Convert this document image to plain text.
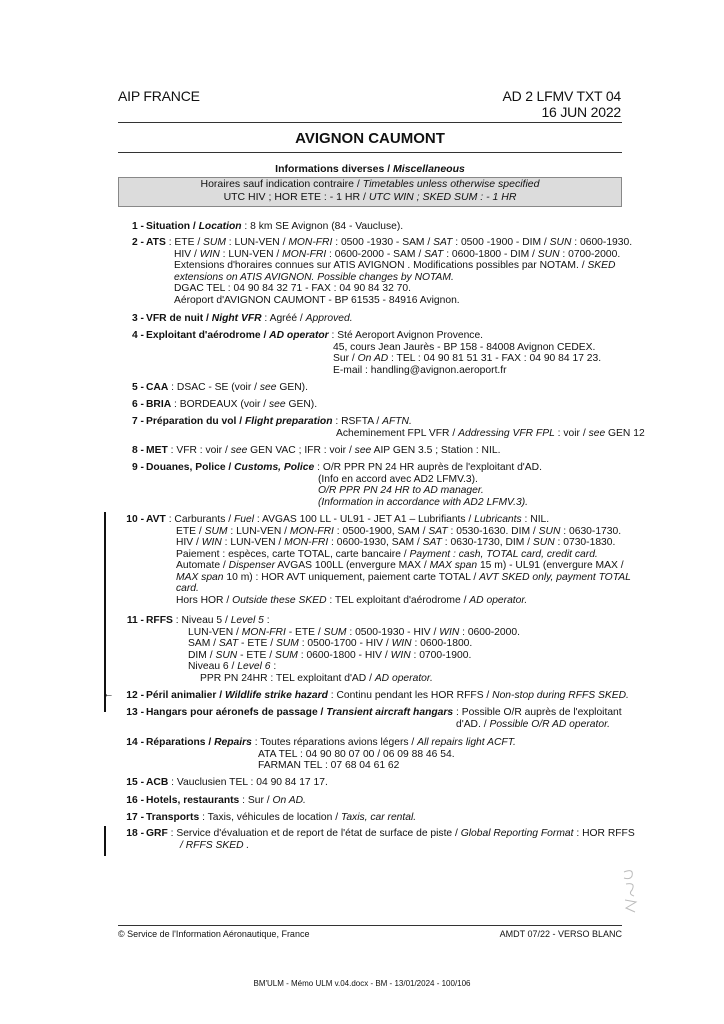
AIP FRANCE	AD 2 LFMV TXT 04
16 JUN 2022
AVIGNON CAUMONT
Informations diverses / Miscellaneous
Horaires sauf indication contraire / Timetables unless otherwise specified
UTC HIV ; HOR ETE : - 1 HR / UTC WIN ; SKED SUM : - 1 HR
1 - Situation / Location : 8 km SE Avignon (84 - Vaucluse).
2 - ATS : ETE / SUM : LUN-VEN / MON-FRI : 0500 -1930 - SAM / SAT : 0500 -1900 - DIM / SUN : 0600-1930.
HIV / WIN : LUN-VEN / MON-FRI : 0600-2000 - SAM / SAT : 0600-1800 - DIM / SUN : 0700-2000.
Extensions d'horaires connues sur ATIS AVIGNON . Modifications possibles par NOTAM. / SKED
extensions on ATIS AVIGNON. Possible changes by NOTAM.
DGAC TEL : 04 90 84 32 71 - FAX : 04 90 84 32 70.
Aéroport d'AVIGNON CAUMONT - BP 61535 - 84916 Avignon.
3 - VFR de nuit / Night VFR : Agréé / Approved.
4 - Exploitant d'aérodrome / AD operator : Sté Aeroport Avignon Provence.
45, cours Jean Jaurès - BP 158 - 84008 Avignon CEDEX.
Sur / On AD : TEL : 04 90 81 51 31 - FAX : 04 90 84 17 23.
E-mail : handling@avignon.aeroport.fr
5 - CAA : DSAC - SE (voir / see GEN).
6 - BRIA : BORDEAUX (voir / see GEN).
7 - Préparation du vol / Flight preparation : RSFTA / AFTN.
Acheminement FPL VFR / Addressing VFR FPL : voir / see GEN 12
8 - MET : VFR : voir / see GEN VAC ; IFR : voir / see AIP GEN 3.5 ; Station : NIL.
9 - Douanes, Police / Customs, Police : O/R PPR PN 24 HR auprès de l'exploitant d'AD.
(Info en accord avec AD2 LFMV.3).
O/R PPR PN 24 HR to AD manager.
(Information in accordance with AD2 LFMV.3).
10 - AVT : Carburants / Fuel : AVGAS 100 LL - UL91 - JET A1 – Lubrifiants / Lubricants : NIL.
ETE / SUM : LUN-VEN / MON-FRI : 0500-1900, SAM / SAT : 0530-1630. DIM / SUN : 0630-1730.
HIV / WIN : LUN-VEN / MON-FRI : 0600-1930, SAM / SAT : 0630-1730, DIM / SUN : 0730-1830.
Paiement : espèces, carte TOTAL, carte bancaire / Payment : cash, TOTAL card, credit card.
Automate / Dispenser AVGAS 100LL (envergure MAX / MAX span 15 m) - UL91 (envergure MAX /
MAX span 10 m) : HOR AVT uniquement, paiement carte TOTAL / AVT SKED only, payment TOTAL
card.
Hors HOR / Outside these SKED : TEL exploitant d'aérodrome / AD operator.
11 - RFFS : Niveau 5 / Level 5 :
LUN-VEN / MON-FRI - ETE / SUM : 0500-1930 - HIV / WIN : 0600-2000.
SAM / SAT - ETE / SUM : 0500-1700 - HIV / WIN : 0600-1800.
DIM / SUN - ETE / SUM : 0600-1800 - HIV / WIN : 0700-1900.
Niveau 6 / Level 6 :
PPR PN 24HR : TEL exploitant d'AD / AD operator.
12 - Péril animalier / Wildlife strike hazard : Continu pendant les HOR RFFS / Non-stop during RFFS SKED.
13 - Hangars pour aéronefs de passage / Transient aircraft hangars : Possible O/R auprès de l'exploitant
d'AD. / Possible O/R AD operator.
14 - Réparations / Repairs : Toutes réparations avions légers / All repairs light ACFT.
ATA TEL : 04 90 80 07 00 / 06 09 88 46 54.
FARMAN TEL : 07 68 04 61 62
15 - ACB : Vauclusien TEL : 04 90 84 17 17.
16 - Hotels, restaurants : Sur / On AD.
17 - Transports : Taxis, véhicules de location / Taxis, car rental.
18 - GRF : Service d'évaluation et de report de l'état de surface de piste / Global Reporting Format : HOR RFFS
/ RFFS SKED .
←
© Service de l'Information Aéronautique, France	AMDT 07/22 - VERSO BLANC
BM'ULM - Mémo ULM v.04.docx - BM - 13/01/2024 - 100/106
